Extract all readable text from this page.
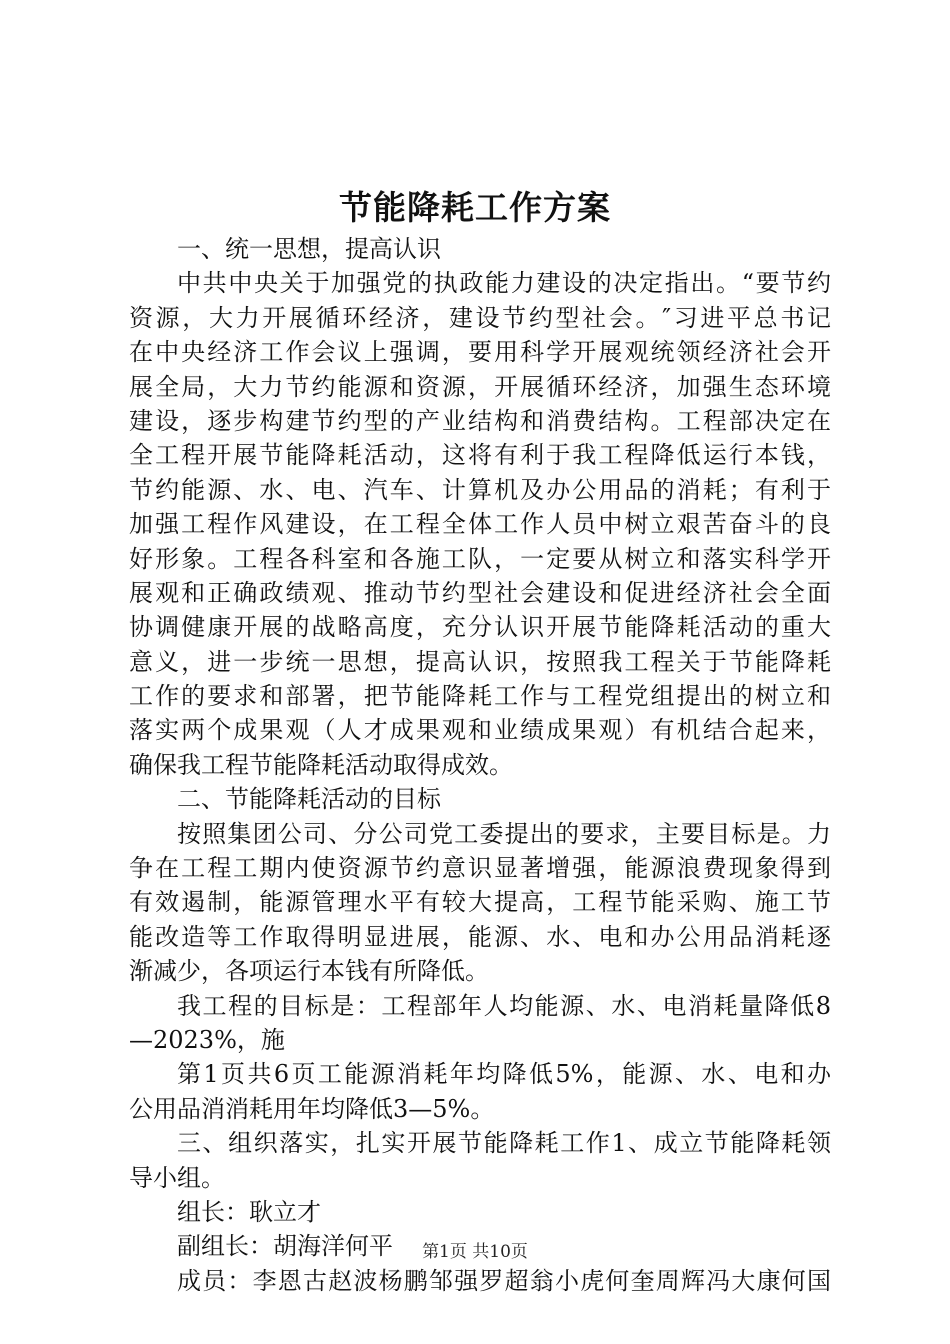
节能降耗工作方案
一、统一思想，提高认识
中共中央关于加强党的执政能力建设的决定指出。“要节约
资源，大力开展循环经济，建设节约型社会。″习进平总书记
在中央经济工作会议上强调，要用科学开展观统领经济社会开
展全局，大力节约能源和资源，开展循环经济，加强生态环境
建设，逐步构建节约型的产业结构和消费结构。工程部决定在
全工程开展节能降耗活动，这将有利于我工程降低运行本钱，
节约能源、水、电、汽车、计算机及办公用品的消耗；有利于
加强工程作风建设，在工程全体工作人员中树立艰苦奋斗的良
好形象。工程各科室和各施工队，一定要从树立和落实科学开
展观和正确政绩观、推动节约型社会建设和促进经济社会全面
协调健康开展的战略高度，充分认识开展节能降耗活动的重大
意义，进一步统一思想，提高认识，按照我工程关于节能降耗
工作的要求和部署，把节能降耗工作与工程党组提出的树立和
落实两个成果观（人才成果观和业绩成果观）有机结合起来，
确保我工程节能降耗活动取得成效。
二、节能降耗活动的目标
按照集团公司、分公司党工委提出的要求，主要目标是。力
争在工程工期内使资源节约意识显著增强，能源浪费现象得到
有效遏制，能源管理水平有较大提高，工程节能采购、施工节
能改造等工作取得明显进展，能源、水、电和办公用品消耗逐
渐减少，各项运行本钱有所降低。
我工程的目标是：工程部年人均能源、水、电消耗量降低8
—2023%，施
第1页共6页工能源消耗年均降低5%，能源、水、电和办
公用品消消耗用年均降低3—5%。
三、组织落实，扎实开展节能降耗工作1、成立节能降耗领
导小组。
组长：耿立才
副组长：胡海洋何平
成员：李恩古赵波杨鹏邹强罗超翁小虎何奎周辉冯大康何国
第1页 共10页
